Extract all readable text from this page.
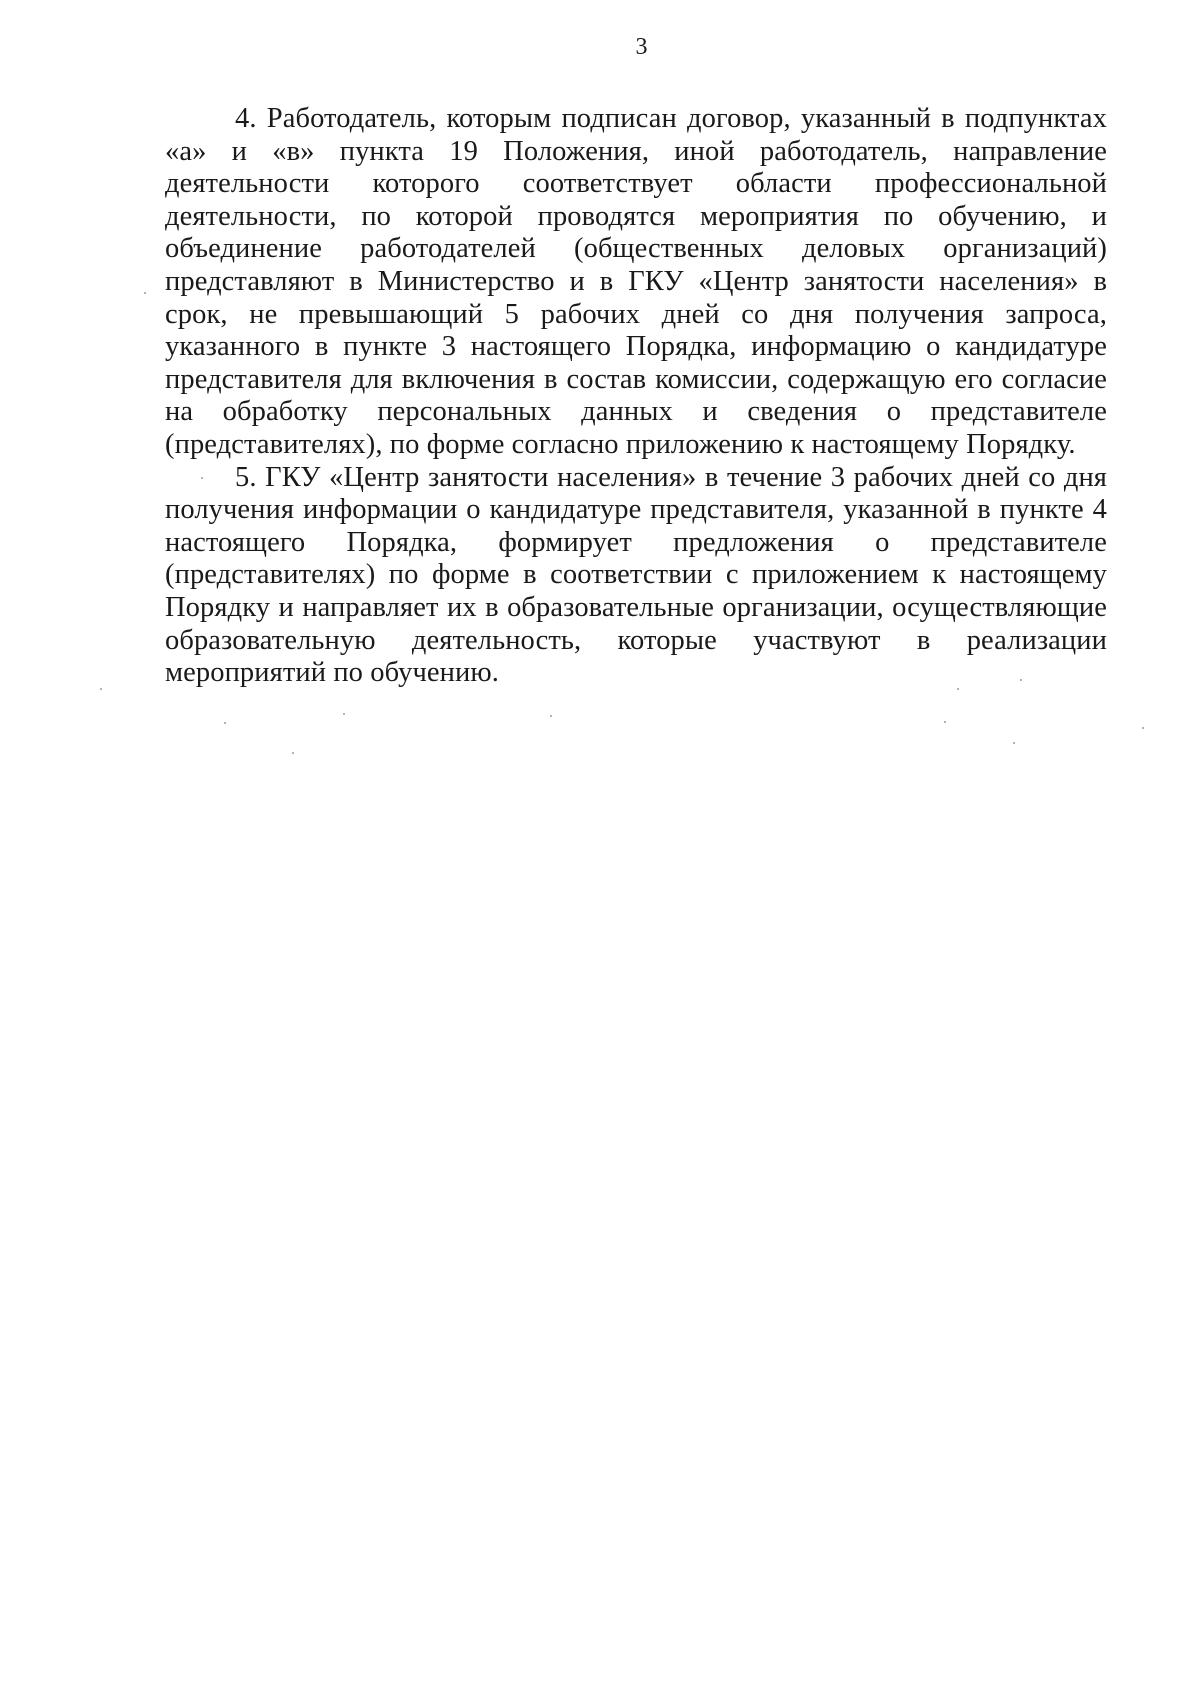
3

4. Работодатель, которым подписан договор, указанный в подпунктах «а» и «в» пункта 19 Положения, иной работодатель, направление деятельности которого соответствует области профессиональной деятельности, по которой проводятся мероприятия по обучению, и объединение работодателей (общественных деловых организаций) представляют в Министерство и в ГКУ «Центр занятости населения» в срок, не превышающий 5 рабочих дней со дня получения запроса, указанного в пункте 3 настоящего Порядка, информацию о кандидатуре представителя для включения в состав комиссии, содержащую его согласие на обработку персональных данных и сведения о представителе (представителях), по форме согласно приложению к настоящему Порядку.

5. ГКУ «Центр занятости населения» в течение 3 рабочих дней со дня получения информации о кандидатуре представителя, указанной в пункте 4 настоящего Порядка, формирует предложения о представителе (представителях) по форме в соответствии с приложением к настоящему Порядку и направляет их в образовательные организации, осуществляющие образовательную деятельность, которые участвуют в реализации мероприятий по обучению.
